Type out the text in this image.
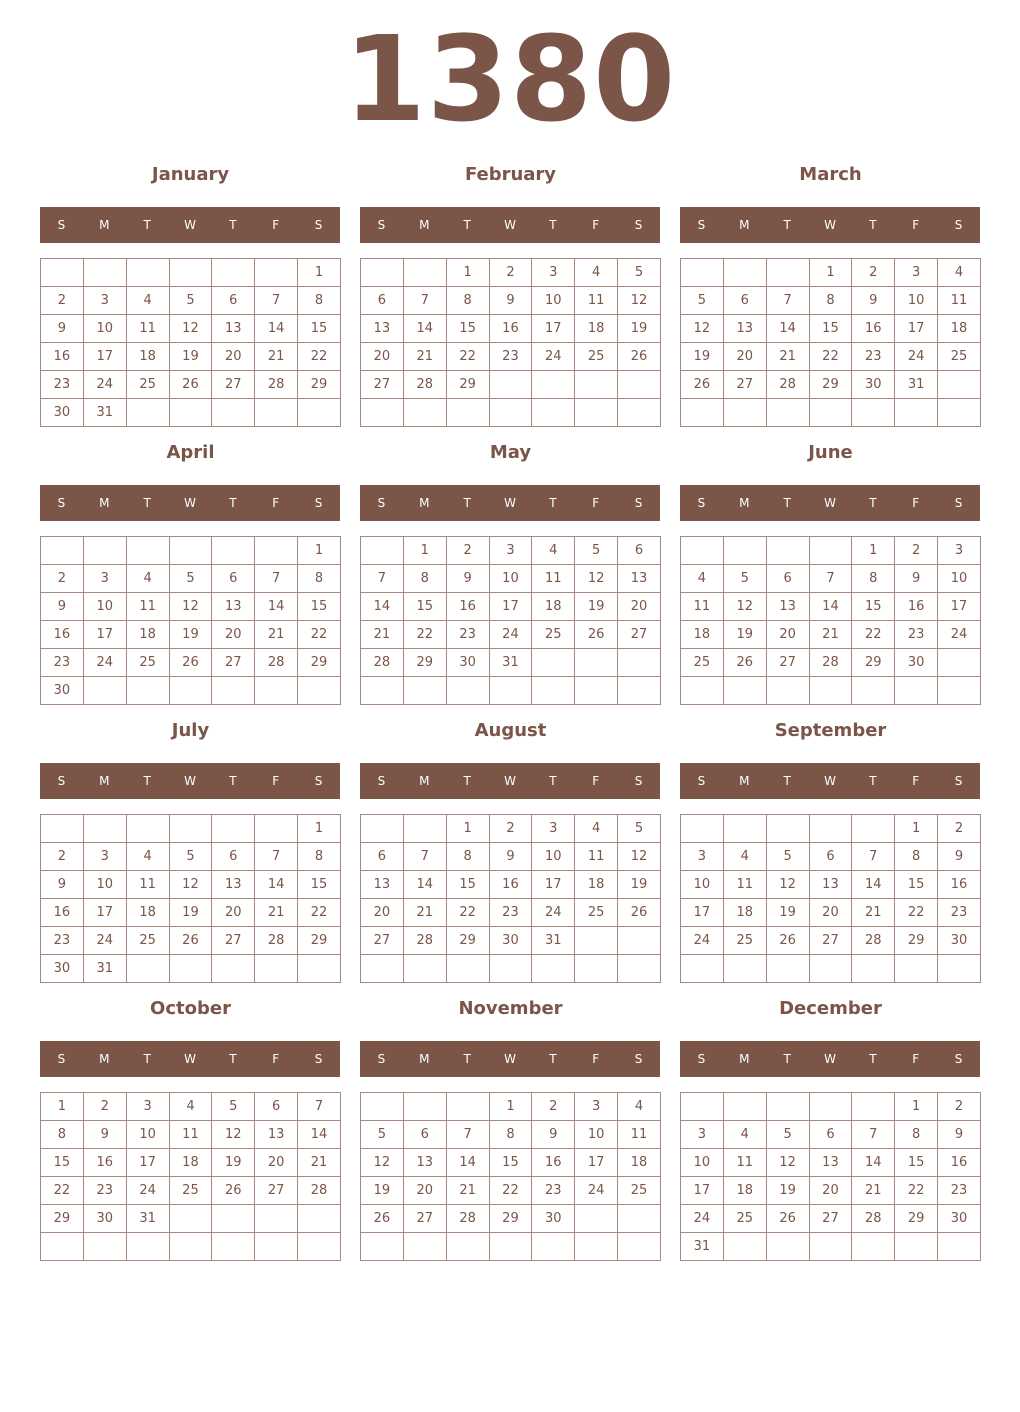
1380
January
S	M	T	W	T	F	S
						1
2	3	4	5	6	7	8
9	10	11	12	13	14	15
16	17	18	19	20	21	22
23	24	25	26	27	28	29
30	31					
February
S	M	T	W	T	F	S
		1	2	3	4	5
6	7	8	9	10	11	12
13	14	15	16	17	18	19
20	21	22	23	24	25	26
27	28	29				

March
S	M	T	W	T	F	S
			1	2	3	4
5	6	7	8	9	10	11
12	13	14	15	16	17	18
19	20	21	22	23	24	25
26	27	28	29	30	31	

April
S	M	T	W	T	F	S
						1
2	3	4	5	6	7	8
9	10	11	12	13	14	15
16	17	18	19	20	21	22
23	24	25	26	27	28	29
30						
May
S	M	T	W	T	F	S
	1	2	3	4	5	6
7	8	9	10	11	12	13
14	15	16	17	18	19	20
21	22	23	24	25	26	27
28	29	30	31			

June
S	M	T	W	T	F	S
				1	2	3
4	5	6	7	8	9	10
11	12	13	14	15	16	17
18	19	20	21	22	23	24
25	26	27	28	29	30	

July
S	M	T	W	T	F	S
						1
2	3	4	5	6	7	8
9	10	11	12	13	14	15
16	17	18	19	20	21	22
23	24	25	26	27	28	29
30	31					
August
S	M	T	W	T	F	S
		1	2	3	4	5
6	7	8	9	10	11	12
13	14	15	16	17	18	19
20	21	22	23	24	25	26
27	28	29	30	31		

September
S	M	T	W	T	F	S
					1	2
3	4	5	6	7	8	9
10	11	12	13	14	15	16
17	18	19	20	21	22	23
24	25	26	27	28	29	30

October
S	M	T	W	T	F	S
1	2	3	4	5	6	7
8	9	10	11	12	13	14
15	16	17	18	19	20	21
22	23	24	25	26	27	28
29	30	31				

November
S	M	T	W	T	F	S
			1	2	3	4
5	6	7	8	9	10	11
12	13	14	15	16	17	18
19	20	21	22	23	24	25
26	27	28	29	30		

December
S	M	T	W	T	F	S
					1	2
3	4	5	6	7	8	9
10	11	12	13	14	15	16
17	18	19	20	21	22	23
24	25	26	27	28	29	30
31						
